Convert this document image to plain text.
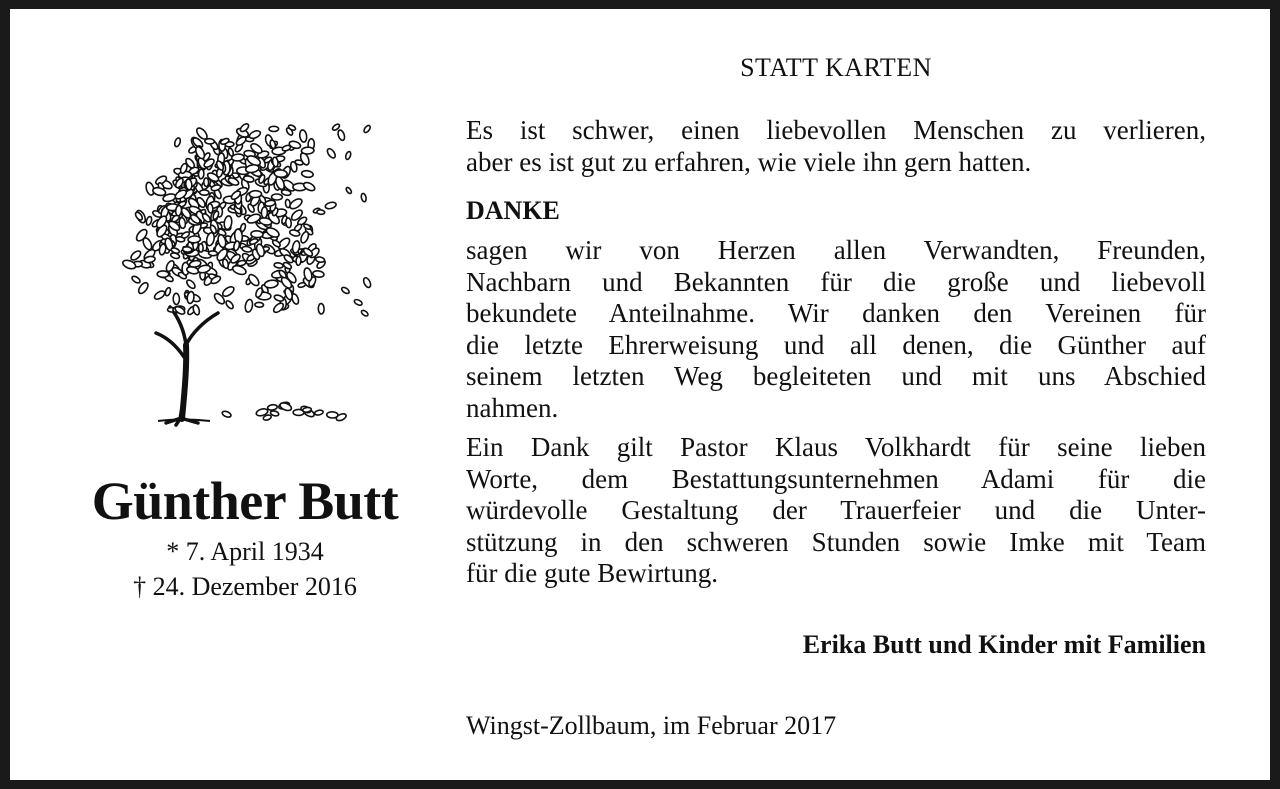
Günther Butt
* 7. April 1934
† 24. Dezember 2016
STATT KARTEN
Es ist schwer, einen liebevollen Menschen zu verlieren,
aber es ist gut zu erfahren, wie viele ihn gern hatten.
DANKE
sagen wir von Herzen allen Verwandten, Freunden,
Nachbarn und Bekannten für die große und liebevoll
bekundete Anteilnahme. Wir danken den Vereinen für
die letzte Ehrerweisung und all denen, die Günther auf
seinem letzten Weg begleiteten und mit uns Abschied
nahmen.
Ein Dank gilt Pastor Klaus Volkhardt für seine lieben
Worte, dem Bestattungsunternehmen Adami für die
würdevolle Gestaltung der Trauerfeier und die Unter-
stützung in den schweren Stunden sowie Imke mit Team
für die gute Bewirtung.
Erika Butt und Kinder mit Familien
Wingst-Zollbaum, im Februar 2017
